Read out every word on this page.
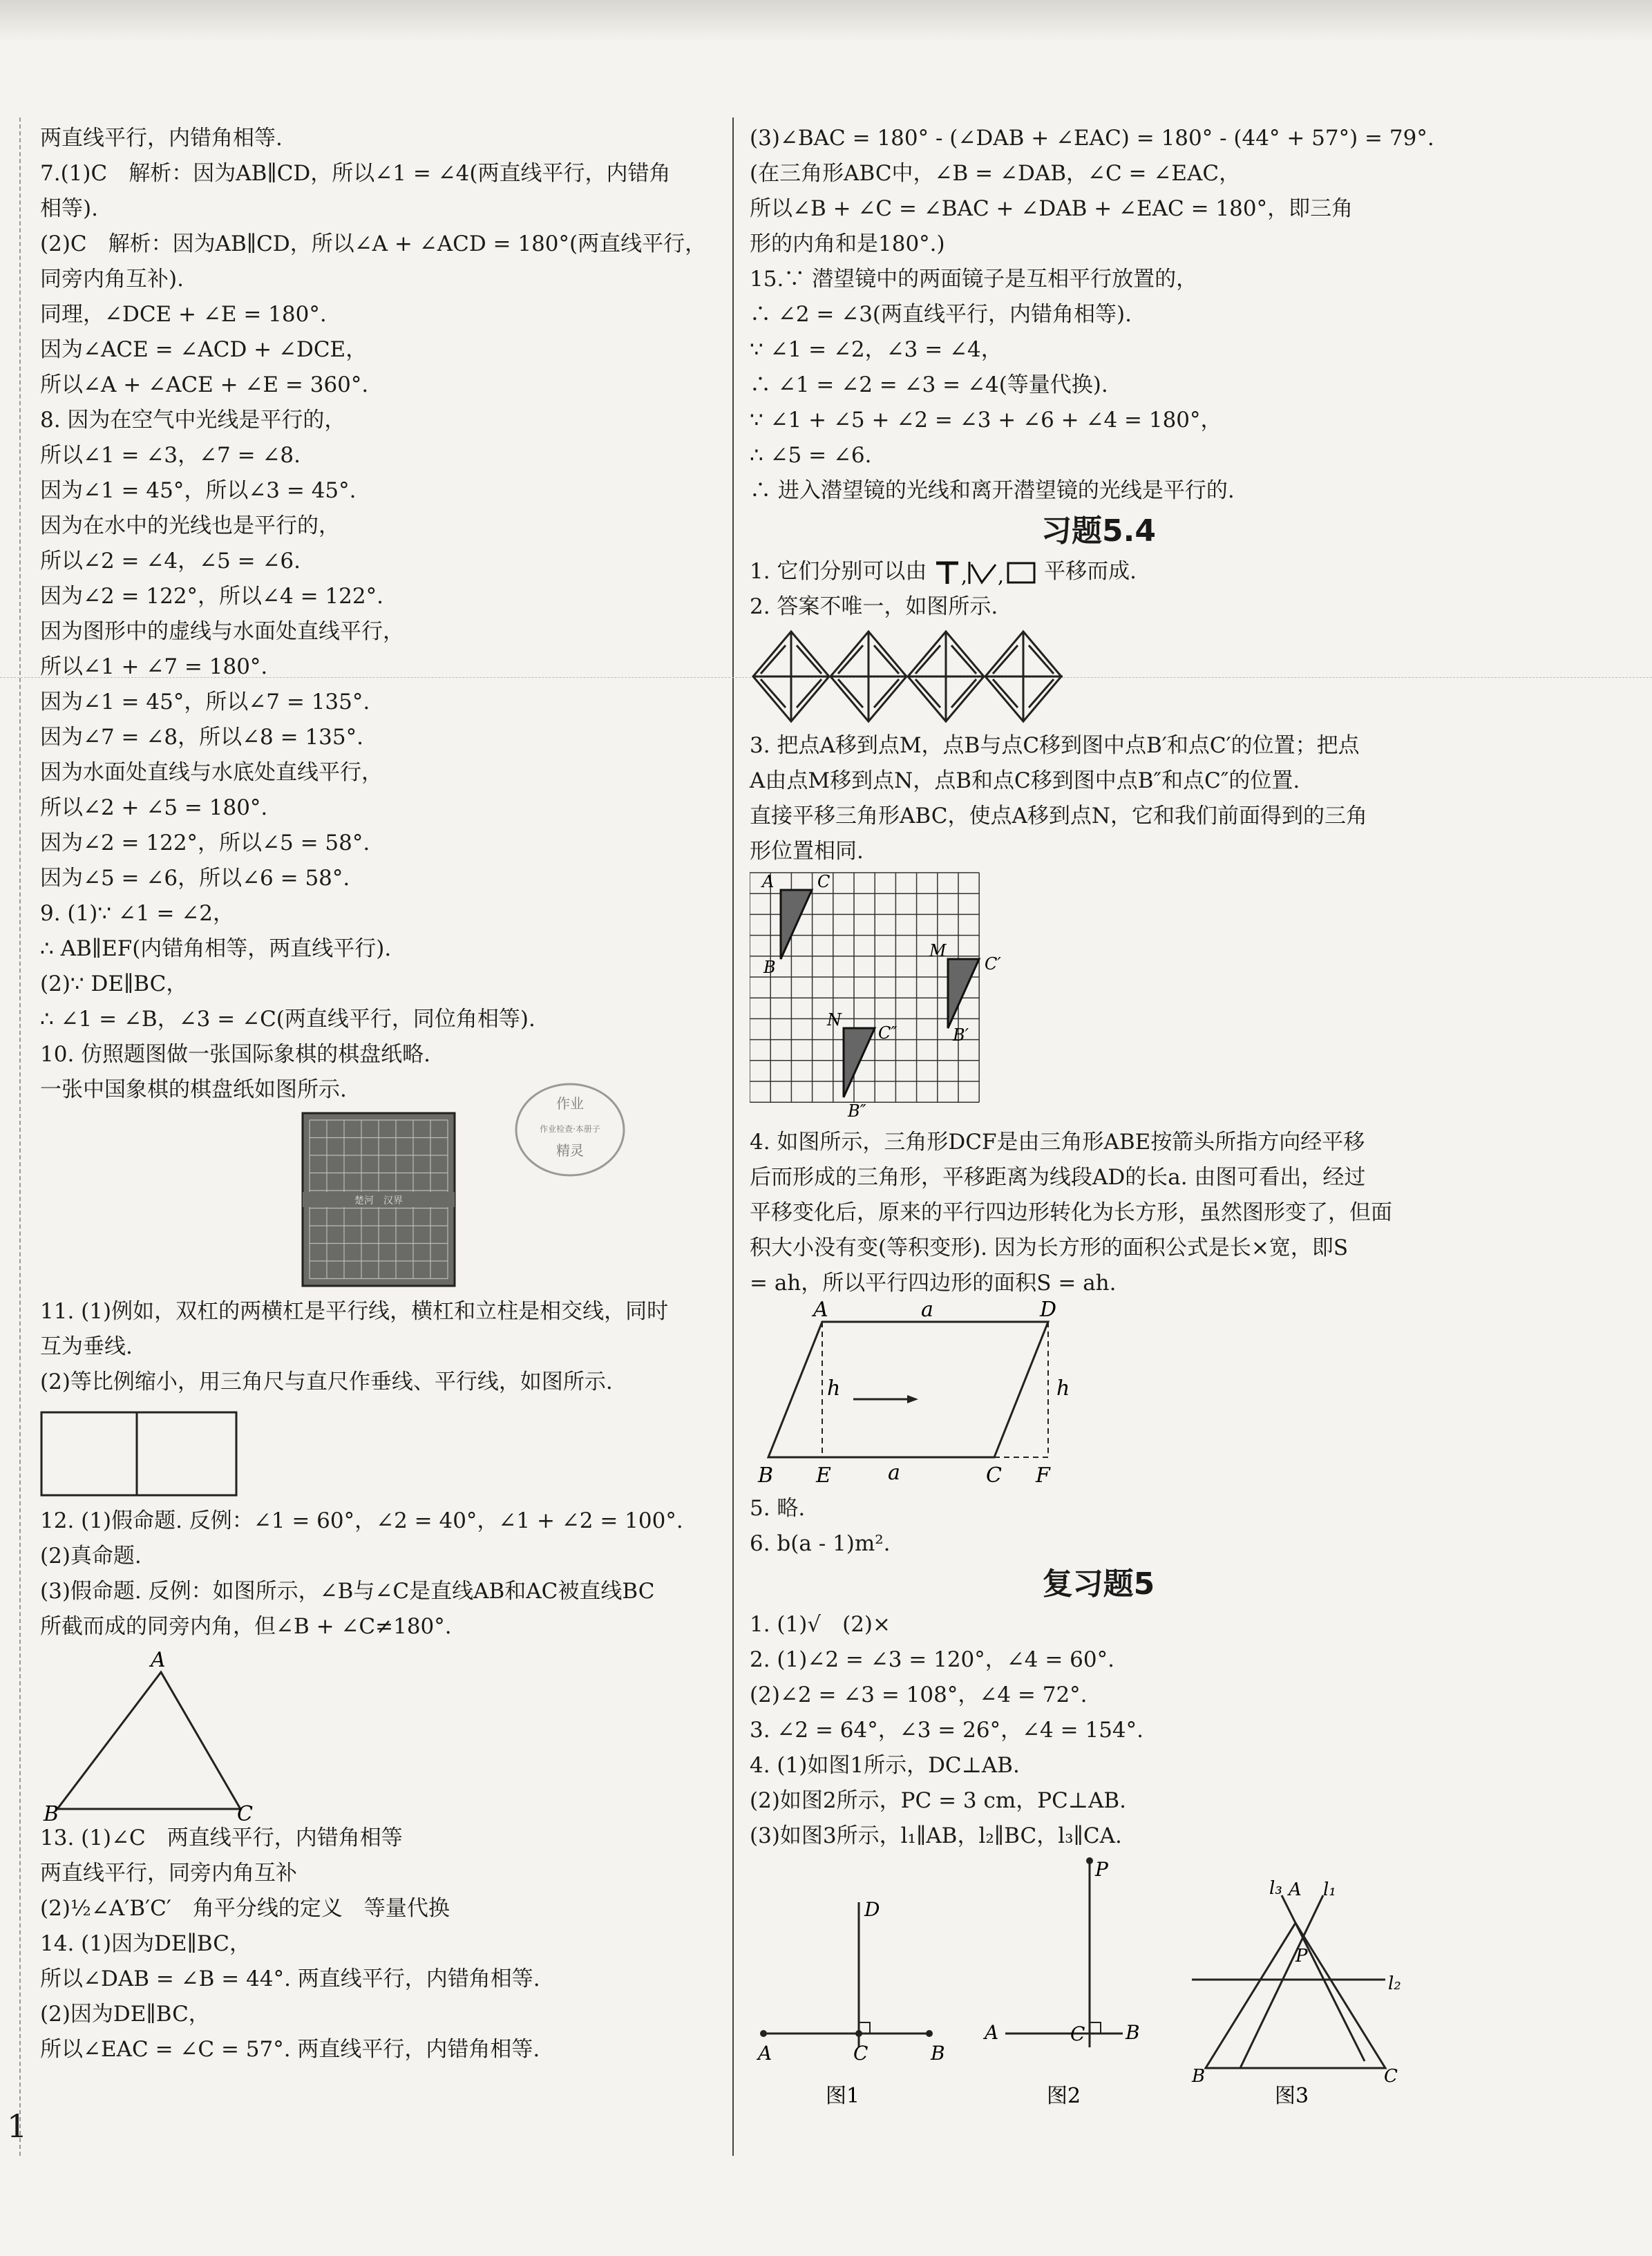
两直线平行，内错角相等.
7.(1)C　解析：因为AB∥CD，所以∠1 = ∠4(两直线平行，内错角
相等).
(2)C　解析：因为AB∥CD，所以∠A + ∠ACD = 180°(两直线平行，
同旁内角互补).
同理，∠DCE + ∠E = 180°.
因为∠ACE = ∠ACD + ∠DCE，
所以∠A + ∠ACE + ∠E = 360°.
8. 因为在空气中光线是平行的，
所以∠1 = ∠3，∠7 = ∠8.
因为∠1 = 45°，所以∠3 = 45°.
因为在水中的光线也是平行的，
所以∠2 = ∠4，∠5 = ∠6.
因为∠2 = 122°，所以∠4 = 122°.
因为图形中的虚线与水面处直线平行，
所以∠1 + ∠7 = 180°.
因为∠1 = 45°，所以∠7 = 135°.
因为∠7 = ∠8，所以∠8 = 135°.
因为水面处直线与水底处直线平行，
所以∠2 + ∠5 = 180°.
因为∠2 = 122°，所以∠5 = 58°.
因为∠5 = ∠6，所以∠6 = 58°.
9. (1)∵ ∠1 = ∠2，
∴ AB∥EF(内错角相等，两直线平行).
(2)∵ DE∥BC，
∴ ∠1 = ∠B，∠3 = ∠C(两直线平行，同位角相等).
10. 仿照题图做一张国际象棋的棋盘纸略.
一张中国象棋的棋盘纸如图所示.
楚河　汉界
11. (1)例如，双杠的两横杠是平行线，横杠和立柱是相交线，同时
互为垂线.
(2)等比例缩小，用三角尺与直尺作垂线、平行线，如图所示.
12. (1)假命题. 反例：∠1 = 60°，∠2 = 40°，∠1 + ∠2 = 100°.
(2)真命题.
(3)假命题. 反例：如图所示，∠B与∠C是直线AB和AC被直线BC
所截而成的同旁内角，但∠B + ∠C≠180°.
A
B	C
13. (1)∠C　两直线平行，内错角相等
两直线平行，同旁内角互补
(2)½∠A′B′C′　角平分线的定义　等量代换
14. (1)因为DE∥BC，
所以∠DAB = ∠B = 44°. 两直线平行，内错角相等.
(2)因为DE∥BC，
所以∠EAC = ∠C = 57°. 两直线平行，内错角相等.
(3)∠BAC = 180° - (∠DAB + ∠EAC) = 180° - (44° + 57°) = 79°.
(在三角形ABC中，∠B = ∠DAB，∠C = ∠EAC，
所以∠B + ∠C = ∠BAC + ∠DAB + ∠EAC = 180°，即三角
形的内角和是180°.)
15.∵ 潜望镜中的两面镜子是互相平行放置的，
∴ ∠2 = ∠3(两直线平行，内错角相等).
∵ ∠1 = ∠2，∠3 = ∠4，
∴ ∠1 = ∠2 = ∠3 = ∠4(等量代换).
∵ ∠1 + ∠5 + ∠2 = ∠3 + ∠6 + ∠4 = 180°，
∴ ∠5 = ∠6.
∴ 进入潜望镜的光线和离开潜望镜的光线是平行的.
习题5.4
1. 它们分别可以由 , , 平移而成.
2. 答案不唯一，如图所示.
3. 把点A移到点M，点B与点C移到图中点B′和点C′的位置；把点
A由点M移到点N，点B和点C移到图中点B″和点C″的位置.
直接平移三角形ABC，使点A移到点N，它和我们前面得到的三角
形位置相同.
A	C
B
M
C′
B′
N
C″
B″
4. 如图所示，三角形DCF是由三角形ABE按箭头所指方向经平移
后而形成的三角形，平移距离为线段AD的长a. 由图可看出，经过
平移变化后，原来的平行四边形转化为长方形，虽然图形变了，但面
积大小没有变(等积变形). 因为长方形的面积公式是长×宽，即S
= ah，所以平行四边形的面积S = ah.
A	D
a
h	h
B E	a	C F
5. 略.
6. b(a - 1)m².
复习题5
1. (1)√　(2)×
2. (1)∠2 = ∠3 = 120°，∠4 = 60°.
(2)∠2 = ∠3 = 108°，∠4 = 72°.
3. ∠2 = 64°，∠3 = 26°，∠4 = 154°.
4. (1)如图1所示，DC⊥AB.
(2)如图2所示，PC = 3 cm，PC⊥AB.
(3)如图3所示，l₁∥AB，l₂∥BC，l₃∥CA.
D
A	C	B
图1
P
A	C B
图2
l₃ A l₁
P
l₂
B	C
图3
作业
作业检查·本册子
精灵
1
